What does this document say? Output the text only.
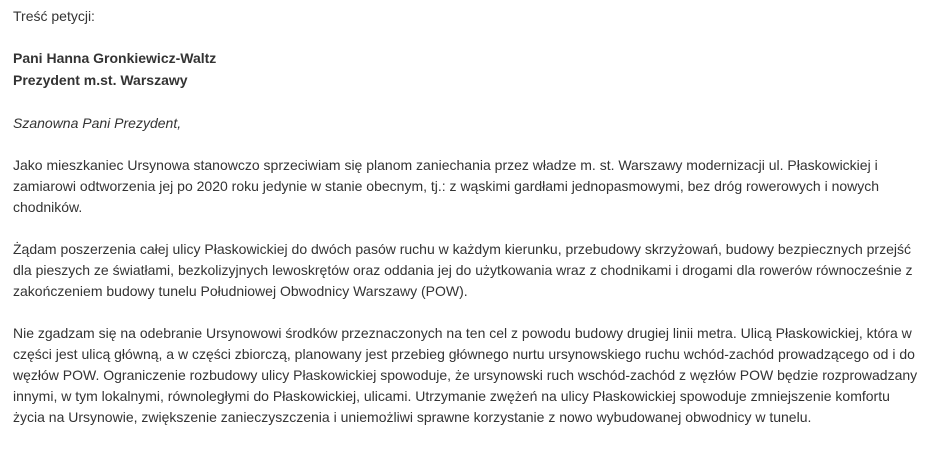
Treść petycji:
Pani Hanna Gronkiewicz-Waltz
Prezydent m.st. Warszawy
Szanowna Pani Prezydent,
Jako mieszkaniec Ursynowa stanowczo sprzeciwiam się planom zaniechania przez władze m. st. Warszawy modernizacji ul. Płaskowickiej i
zamiarowi odtworzenia jej po 2020 roku jedynie w stanie obecnym, tj.: z wąskimi gardłami jednopasmowymi, bez dróg rowerowych i nowych
chodników.
Żądam poszerzenia całej ulicy Płaskowickiej do dwóch pasów ruchu w każdym kierunku, przebudowy skrzyżowań, budowy bezpiecznych przejść
dla pieszych ze światłami, bezkolizyjnych lewoskrętów oraz oddania jej do użytkowania wraz z chodnikami i drogami dla rowerów równocześnie z
zakończeniem budowy tunelu Południowej Obwodnicy Warszawy (POW).
Nie zgadzam się na odebranie Ursynowowi środków przeznaczonych na ten cel z powodu budowy drugiej linii metra. Ulicą Płaskowickiej, która w
części jest ulicą główną, a w części zbiorczą, planowany jest przebieg głównego nurtu ursynowskiego ruchu wchód-zachód prowadzącego od i do
węzłów POW. Ograniczenie rozbudowy ulicy Płaskowickiej spowoduje, że ursynowski ruch wschód-zachód z węzłów POW będzie rozprowadzany
innymi, w tym lokalnymi, równoległymi do Płaskowickiej, ulicami. Utrzymanie zwężeń na ulicy Płaskowickiej spowoduje zmniejszenie komfortu
życia na Ursynowie, zwiększenie zanieczyszczenia i uniemożliwi sprawne korzystanie z nowo wybudowanej obwodnicy w tunelu.
